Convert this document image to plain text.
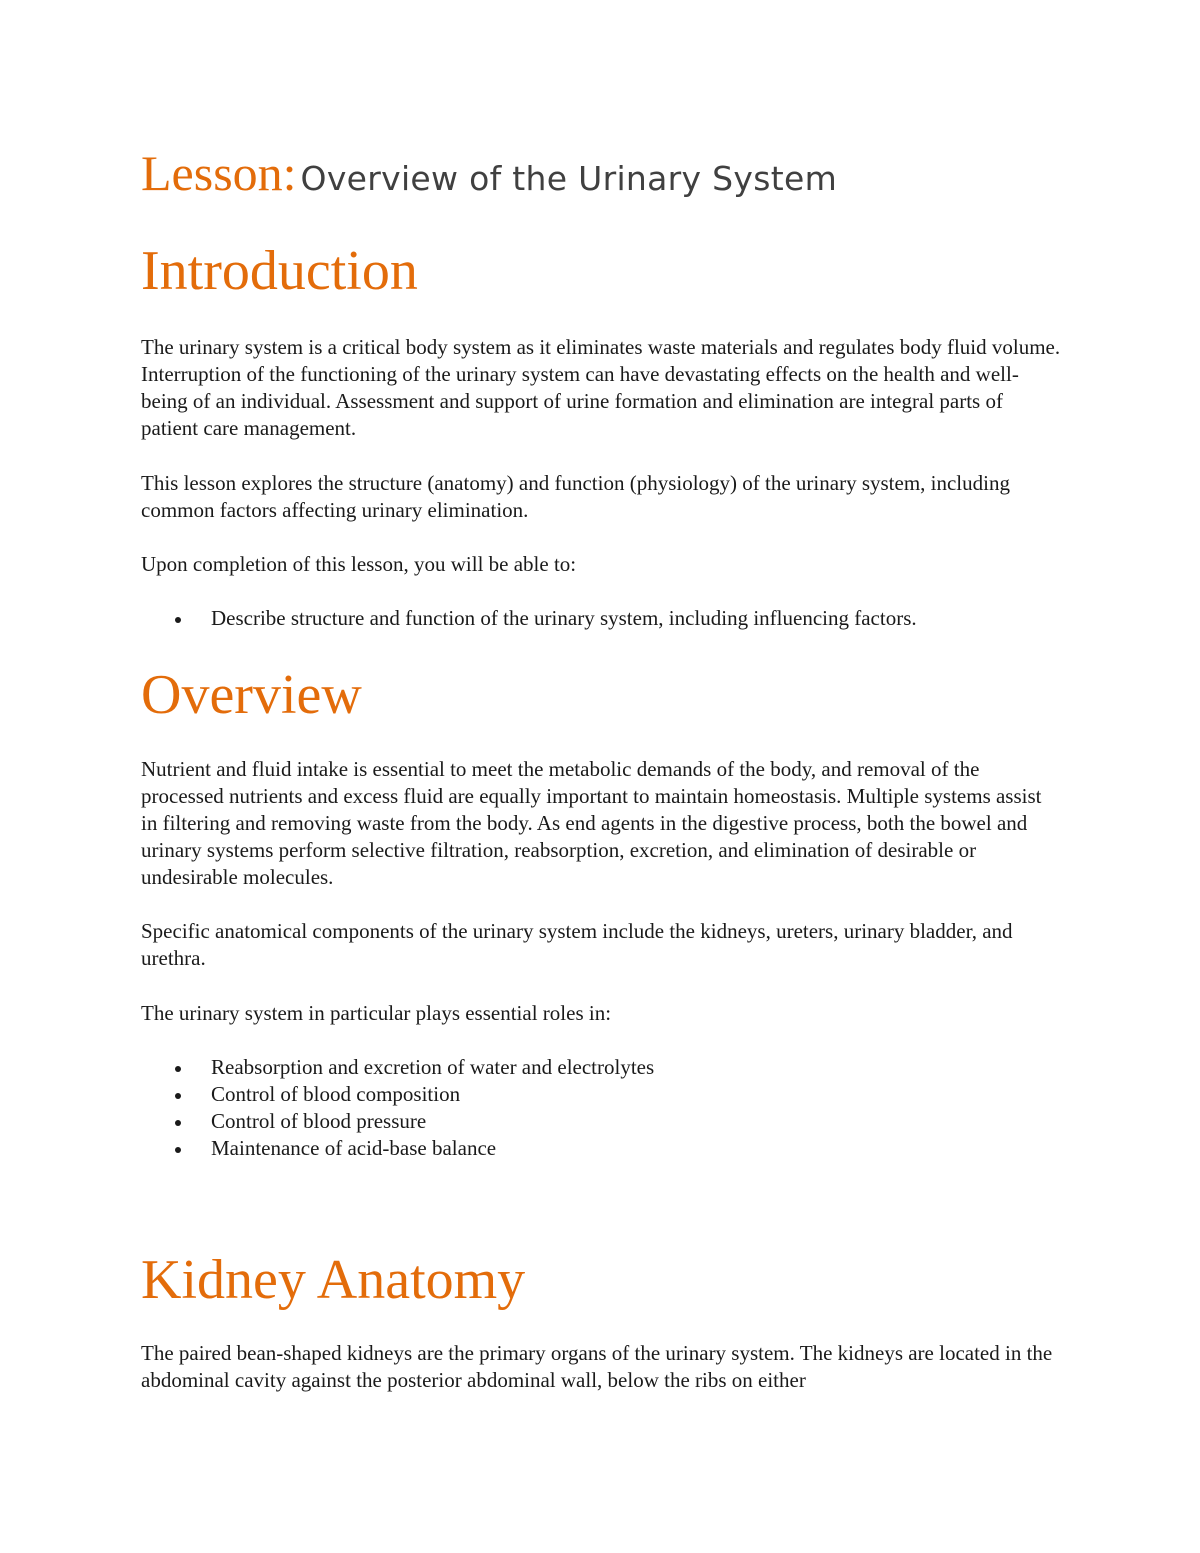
Lesson: Overview of the Urinary System
Introduction

The urinary system is a critical body system as it eliminates waste materials and regulates body fluid volume. Interruption of the functioning of the urinary system can have devastating effects on the health and well-being of an individual. Assessment and support of urine formation and elimination are integral parts of patient care management.

This lesson explores the structure (anatomy) and function (physiology) of the urinary system, including common factors affecting urinary elimination.

Upon completion of this lesson, you will be able to:

Describe structure and function of the urinary system, including influencing factors.
Overview

Nutrient and fluid intake is essential to meet the metabolic demands of the body, and removal of the processed nutrients and excess fluid are equally important to maintain homeostasis. Multiple systems assist in filtering and removing waste from the body. As end agents in the digestive process, both the bowel and urinary systems perform selective filtration, reabsorption, excretion, and elimination of desirable or undesirable molecules.

Specific anatomical components of the urinary system include the kidneys, ureters, urinary bladder, and urethra.

The urinary system in particular plays essential roles in:

Reabsorption and excretion of water and electrolytes
Control of blood composition
Control of blood pressure
Maintenance of acid-base balance
Kidney Anatomy

The paired bean-shaped kidneys are the primary organs of the urinary system. The kidneys are located in the abdominal cavity against the posterior abdominal wall, below the ribs on either
